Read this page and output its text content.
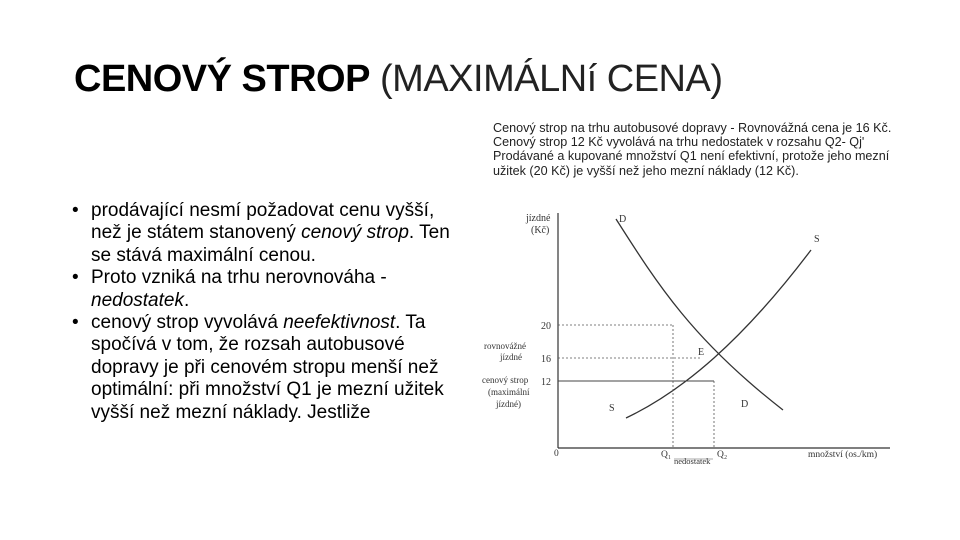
CENOVÝ STROP (MAXIMÁLNí CENA)
Cenový strop na trhu autobusové dopravy - Rovnovážná cena je 16 Kč. Cenový strop 12 Kč vyvolává na trhu nedostatek v rozsahu Q2- Qj' Prodávané a kupované množství Q1 není efektivní, protože jeho mezní užitek (20 Kč) je vyšší než jeho mezní náklady (12 Kč).
• prodávající nesmí požadovat cenu vyšší, než je státem stanovený cenový strop. Ten se stává maximální cenou.
• Proto vzniká na trhu nerovnováha - nedostatek.
• cenový strop vyvolává neefektivnost. Ta spočívá v tom, že rozsah autobusové dopravy je při cenovém stropu menší než optimální: při množství Q1 je mezní užitek vyšší než mezní náklady. Jestliže
jízdné
(Kč)
množství (os./km)
0
20
16
12
rovnovážné
jízdné
cenový strop
(maximální
jízdné)
D
D
S
S
E
Q₁	Q₂
nedostatek
